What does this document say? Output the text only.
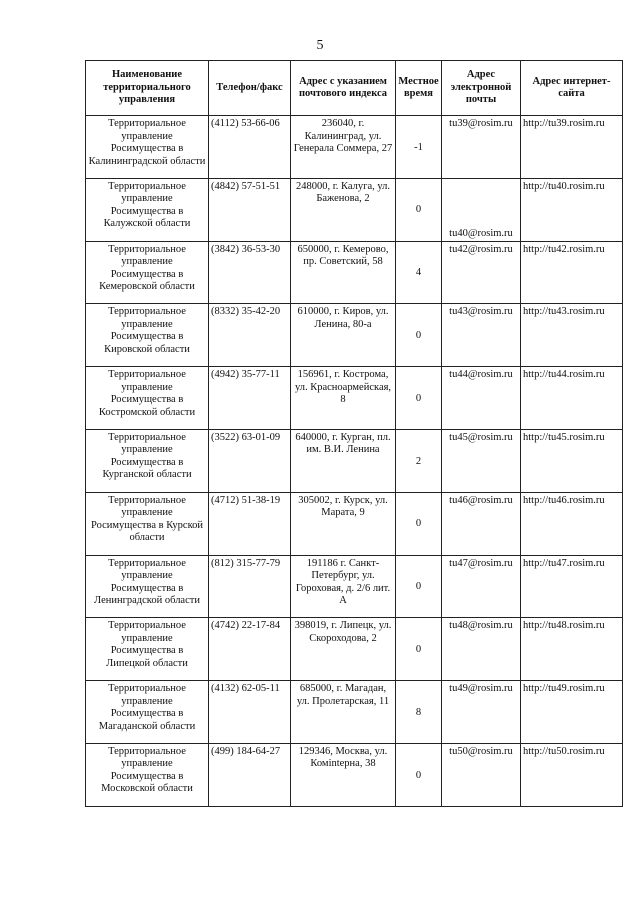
5
Наименование территориального управления	Телефон/факс	Адрес с указанием почтового индекса	Местное время	Адрес электронной почты	Адрес интернет-сайта
Территориальное управление Росимущества в Калининградской области	(4112) 53-66-06	236040, г. Калининград, ул. Генерала Соммера, 27	-1	tu39@rosim.ru	http://tu39.rosim.ru
Территориальное управление Росимущества в Калужской области	(4842) 57-51-51	248000, г. Калуга, ул. Баженова, 2	0	tu40@rosim.ru	http://tu40.rosim.ru
Территориальное управление Росимущества в Кемеровской области	(3842) 36-53-30	650000, г. Кемерово, пр. Советский, 58	4	tu42@rosim.ru	http://tu42.rosim.ru
Территориальное управление Росимущества в Кировской области	(8332) 35-42-20	610000, г. Киров, ул. Ленина, 80-а	0	tu43@rosim.ru	http://tu43.rosim.ru
Территориальное управление Росимущества в Костромской области	(4942) 35-77-11	156961, г. Кострома, ул. Красноармейская, 8	0	tu44@rosim.ru	http://tu44.rosim.ru
Территориальное управление Росимущества в Курганской области	(3522) 63-01-09	640000, г. Курган, пл. им. В.И. Ленина	2	tu45@rosim.ru	http://tu45.rosim.ru
Территориальное управление Росимущества в Курской области	(4712) 51-38-19	305002, г. Курск, ул. Марата, 9	0	tu46@rosim.ru	http://tu46.rosim.ru
Территориальное управление Росимущества в Ленинградской области	(812) 315-77-79	191186 г. Санкт-Петербург, ул. Гороховая, д. 2/6 лит. А	0	tu47@rosim.ru	http://tu47.rosim.ru
Территориальное управление Росимущества в Липецкой области	(4742) 22-17-84	398019, г. Липецк, ул. Скороходова, 2	0	tu48@rosim.ru	http://tu48.rosim.ru
Территориальное управление Росимущества в Магаданской области	(4132) 62-05-11	685000, г. Магадан, ул. Пролетарская, 11	8	tu49@rosim.ru	http://tu49.rosim.ru
Территориальное управление Росимущества в Московской области	(499) 184-64-27	129346, Москва, ул. Комintерна, 38	0	tu50@rosim.ru	http://tu50.rosim.ru
